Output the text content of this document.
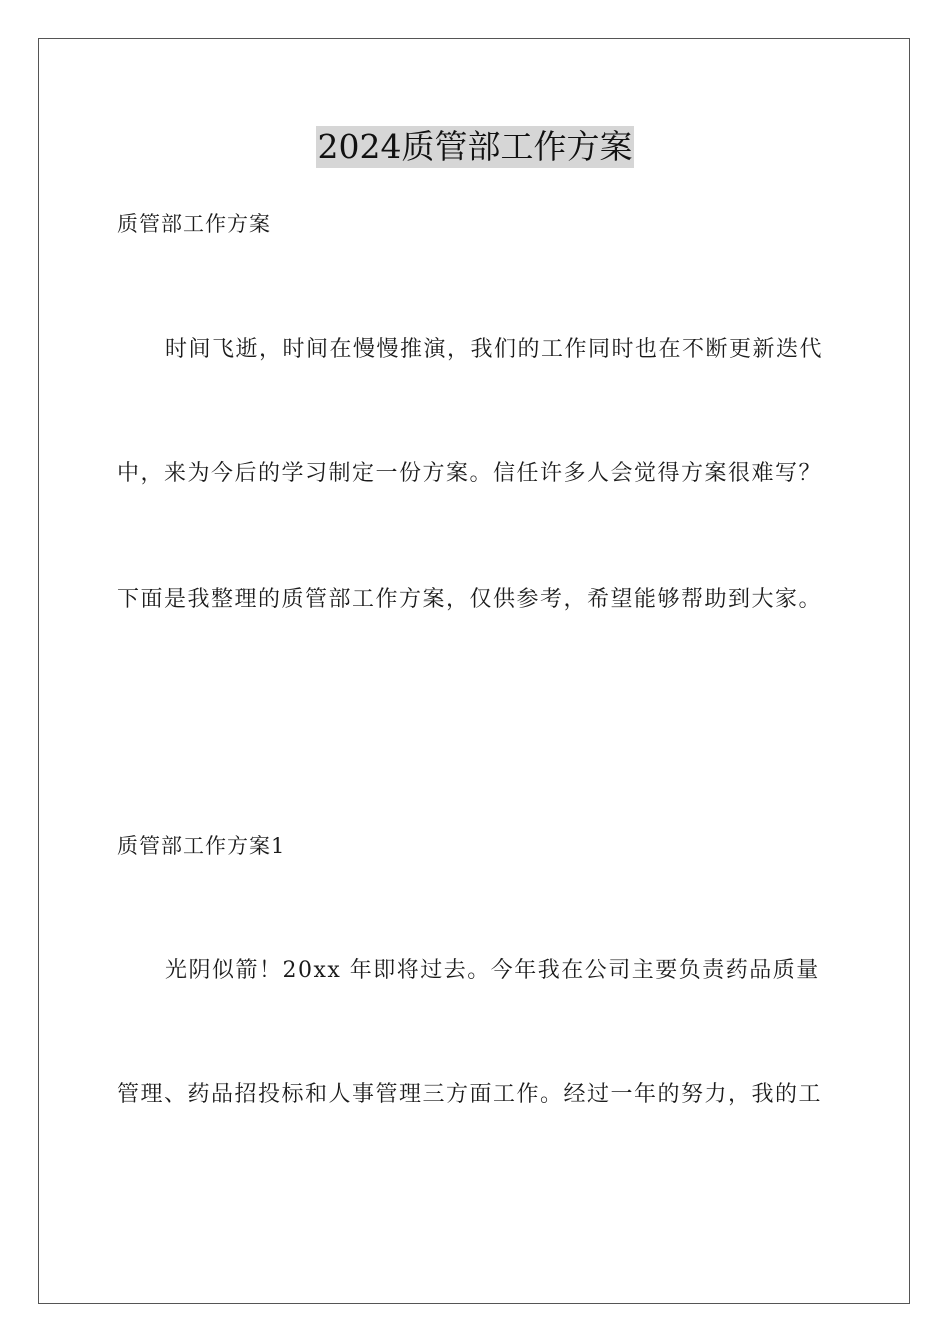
2024质管部工作方案
质管部工作方案
时间飞逝，时间在慢慢推演，我们的工作同时也在不断更新迭代
中，来为今后的学习制定一份方案。信任许多人会觉得方案很难写？
下面是我整理的质管部工作方案，仅供参考，希望能够帮助到大家。
质管部工作方案1
光阴似箭！20xx 年即将过去。今年我在公司主要负责药品质量
管理、药品招投标和人事管理三方面工作。经过一年的努力，我的工
